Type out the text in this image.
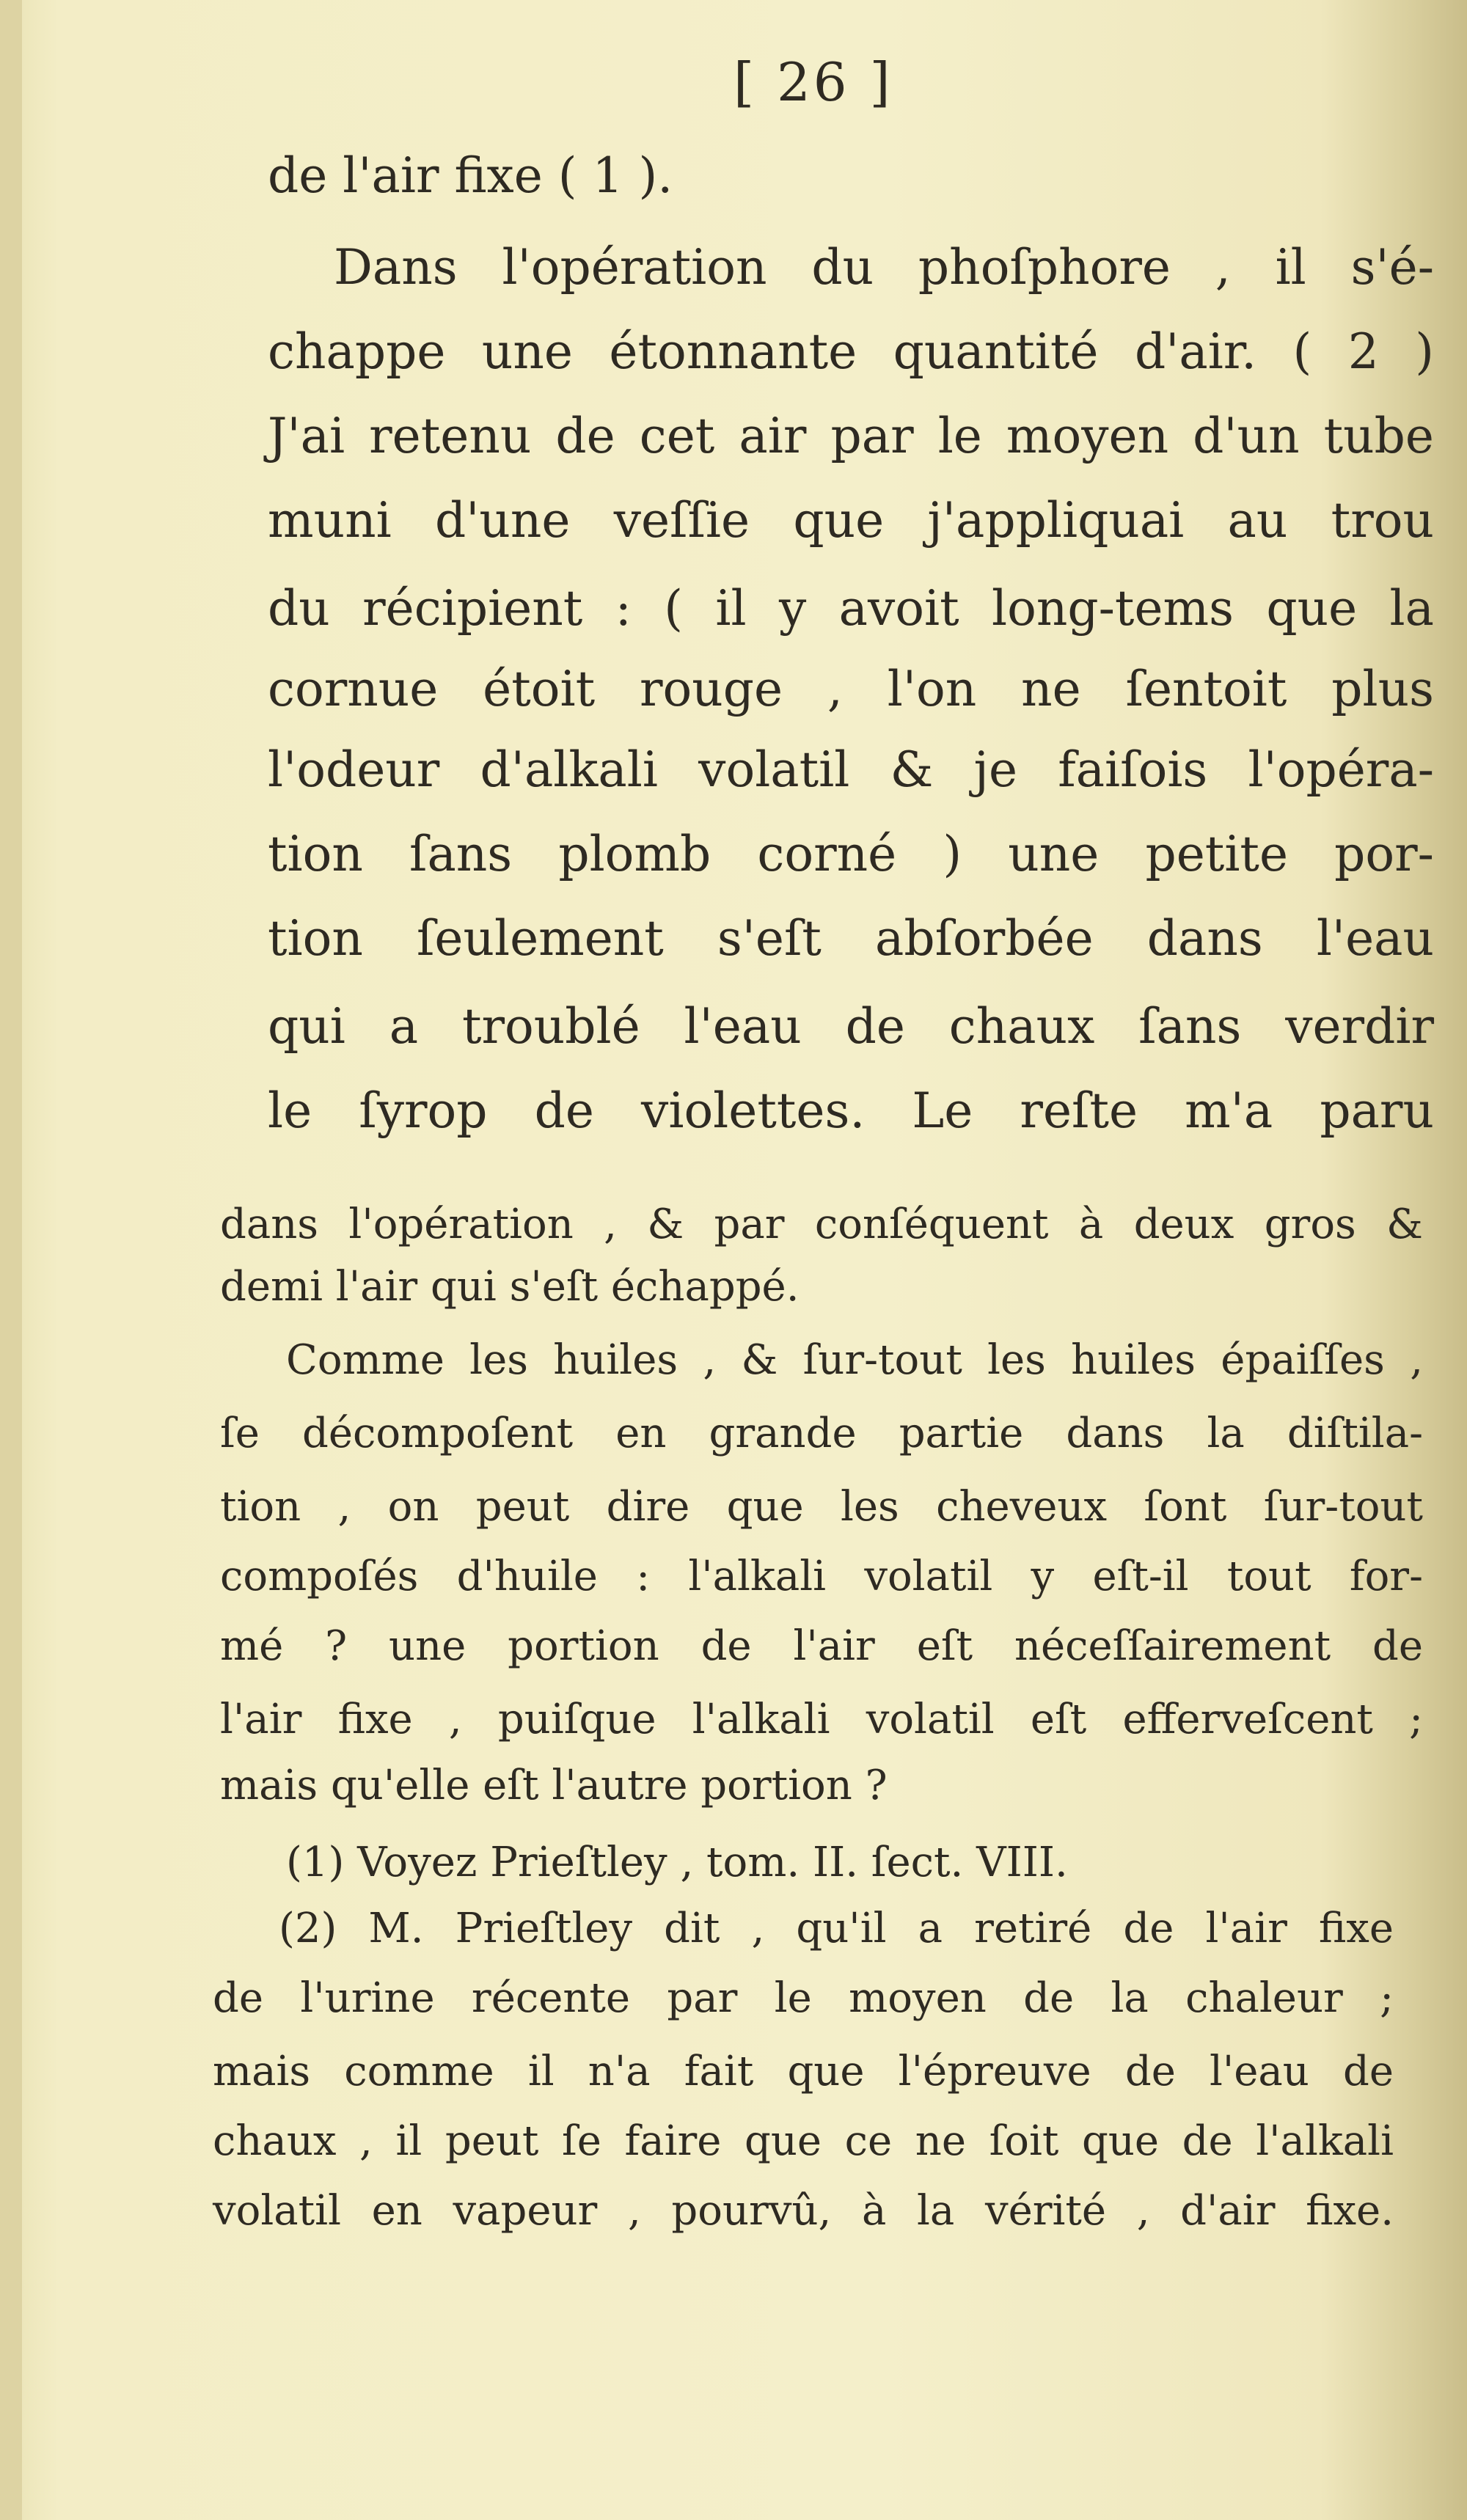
[ 26 ]
de l'air fixe ( 1 ).
Dans l'opération du phoſphore , il s'é-
chappe une étonnante quantité d'air. ( 2 )
J'ai retenu de cet air par le moyen d'un tube
muni d'une veſſie que j'appliquai au trou
du récipient : ( il y avoit long-tems que la
cornue étoit rouge , l'on ne ſentoit plus
l'odeur d'alkali volatil & je faiſois l'opéra-
tion ſans plomb corné ) une petite por-
tion ſeulement s'eſt abſorbée dans l'eau
qui a troublé l'eau de chaux ſans verdir
le ſyrop de violettes. Le reſte m'a paru
dans l'opération , & par conſéquent à deux gros &
demi l'air qui s'eſt échappé.
Comme les huiles , & ſur-tout les huiles épaiſſes ,
ſe décompoſent en grande partie dans la diſtila-
tion , on peut dire que les cheveux ſont ſur-tout
compoſés d'huile : l'alkali volatil y eſt-il tout for-
mé ? une portion de l'air eſt néceſſairement de
l'air fixe , puiſque l'alkali volatil eſt efferveſcent ;
mais qu'elle eſt l'autre portion ?
(1) Voyez Prieſtley , tom. II. ſect. VIII.
(2) M. Prieſtley dit , qu'il a retiré de l'air fixe
de l'urine récente par le moyen de la chaleur ;
mais comme il n'a fait que l'épreuve de l'eau de
chaux , il peut ſe faire que ce ne ſoit que de l'alkali
volatil en vapeur , pourvû, à la vérité , d'air fixe.
